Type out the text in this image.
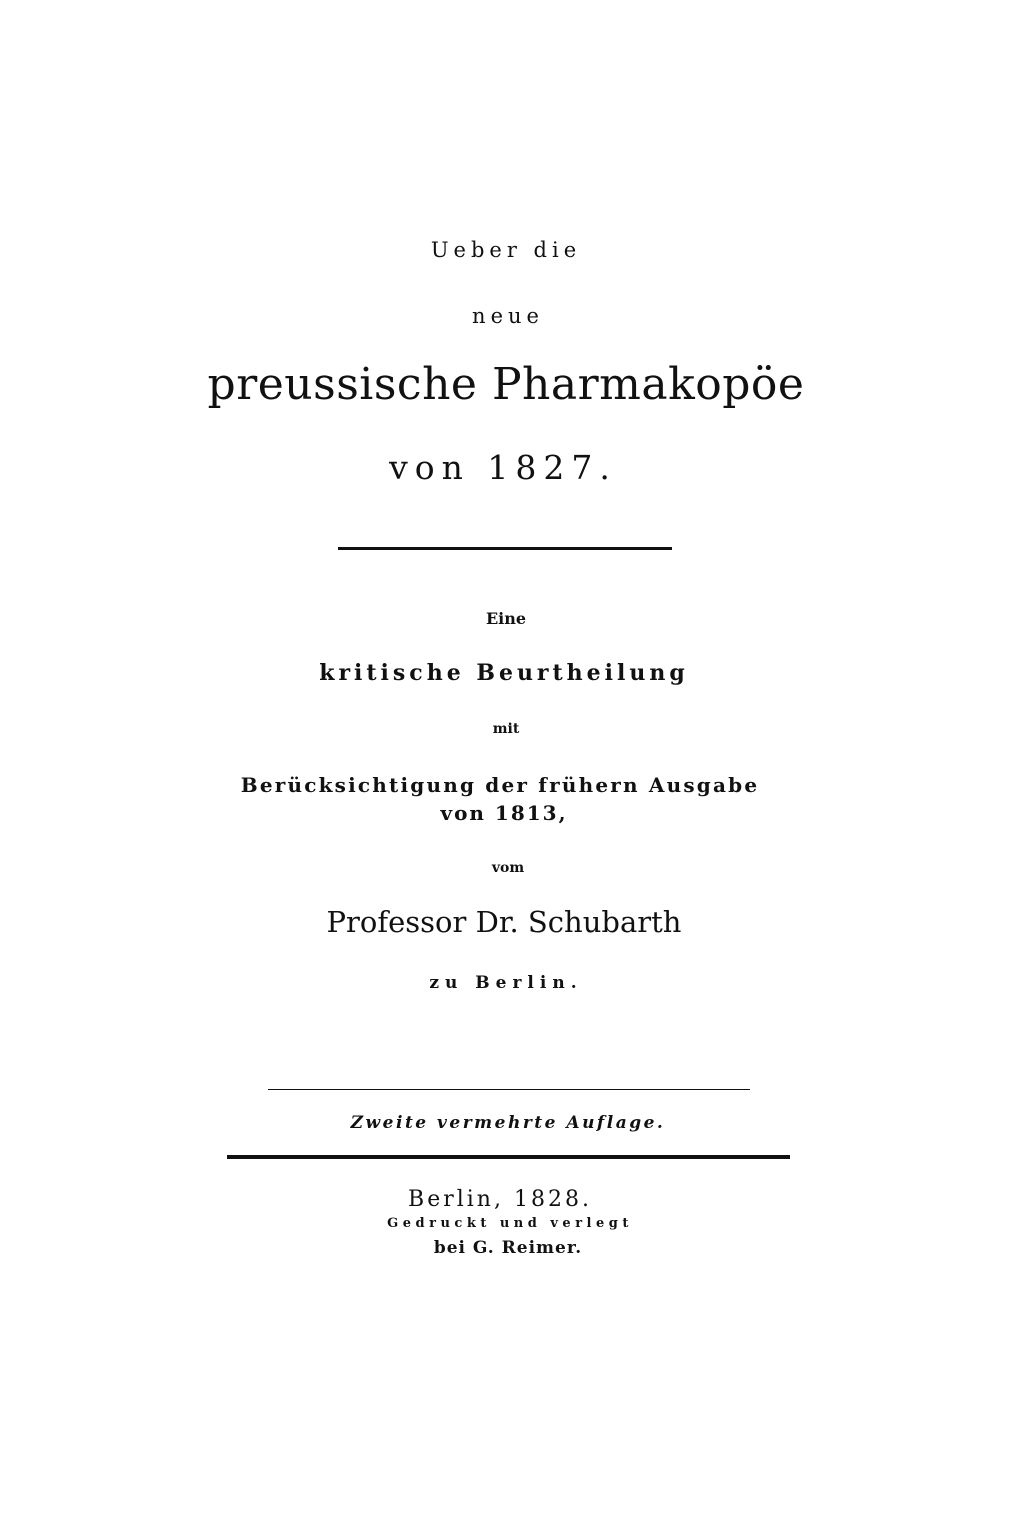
Ueber die
neue
preussische Pharmakopöe
von 1827.
Eine
kritische Beurtheilung
mit
Berücksichtigung der frühern Ausgabe
von 1813,
vom
Professor Dr. Schubarth
zu Berlin.
Zweite vermehrte Auflage.
Berlin, 1828.
Gedruckt und verlegt
bei G. Reimer.
